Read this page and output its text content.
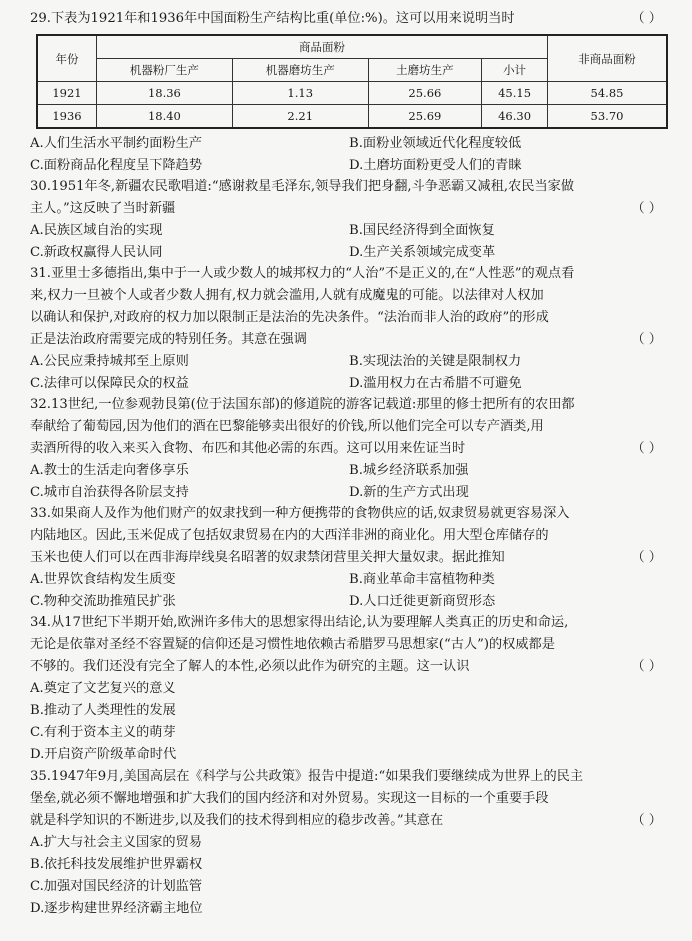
29.下表为1921年和1936年中国面粉生产结构比重(单位:%)。这可以用来说明当时	（ ）
年份	商品面粉				非商品面粉
	机器粉厂生产	机器磨坊生产	土磨坊生产	小计	
1921	18.36	1.13	25.66	45.15	54.85
1936	18.40	2.21	25.69	46.30	53.70
A.人们生活水平制约面粉生产	B.面粉业领域近代化程度较低
C.面粉商品化程度呈下降趋势	D.土磨坊面粉更受人们的青睐
30.1951年冬,新疆农民歌唱道:“感谢救星毛泽东,领导我们把身翻,斗争恶霸又减租,农民当家做
主人。”这反映了当时新疆	（ ）
A.民族区域自治的实现	B.国民经济得到全面恢复
C.新政权赢得人民认同	D.生产关系领域完成变革
31.亚里士多德指出,集中于一人或少数人的城邦权力的“人治”不是正义的,在“人性恶”的观点看
来,权力一旦被个人或者少数人拥有,权力就会滥用,人就有成魔鬼的可能。以法律对人权加
以确认和保护,对政府的权力加以限制正是法治的先决条件。“法治而非人治的政府”的形成
正是法治政府需要完成的特别任务。其意在强调	（ ）
A.公民应秉持城邦至上原则	B.实现法治的关键是限制权力
C.法律可以保障民众的权益	D.滥用权力在古希腊不可避免
32.13世纪,一位参观勃艮第(位于法国东部)的修道院的游客记载道:那里的修士把所有的农田都
奉献给了葡萄园,因为他们的酒在巴黎能够卖出很好的价钱,所以他们完全可以专产酒类,用
卖酒所得的收入来买入食物、布匹和其他必需的东西。这可以用来佐证当时	（ ）
A.教士的生活走向奢侈享乐	B.城乡经济联系加强
C.城市自治获得各阶层支持	D.新的生产方式出现
33.如果商人及作为他们财产的奴隶找到一种方便携带的食物供应的话,奴隶贸易就更容易深入
内陆地区。因此,玉米促成了包括奴隶贸易在内的大西洋非洲的商业化。用大型仓库储存的
玉米也使人们可以在西非海岸线臭名昭著的奴隶禁闭营里关押大量奴隶。据此推知	（ ）
A.世界饮食结构发生质变	B.商业革命丰富植物种类
C.物种交流助推殖民扩张	D.人口迁徙更新商贸形态
34.从17世纪下半期开始,欧洲许多伟大的思想家得出结论,认为要理解人类真正的历史和命运,
无论是依靠对圣经不容置疑的信仰还是习惯性地依赖古希腊罗马思想家(“古人”)的权威都是
不够的。我们还没有完全了解人的本性,必须以此作为研究的主题。这一认识	（ ）
A.奠定了文艺复兴的意义
B.推动了人类理性的发展
C.有利于资本主义的萌芽
D.开启资产阶级革命时代
35.1947年9月,美国高层在《科学与公共政策》报告中提道:“如果我们要继续成为世界上的民主
堡垒,就必须不懈地增强和扩大我们的国内经济和对外贸易。实现这一目标的一个重要手段
就是科学知识的不断进步,以及我们的技术得到相应的稳步改善。”其意在	（ ）
A.扩大与社会主义国家的贸易
B.依托科技发展维护世界霸权
C.加强对国民经济的计划监管
D.逐步构建世界经济霸主地位
